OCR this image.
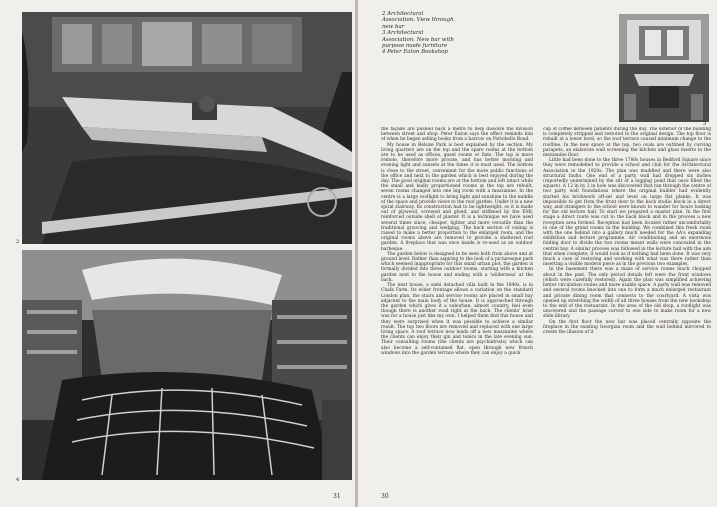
2
4
3
2 Architectural
Association. View through
new bar
3 Architectural
Association. New bar with
purpose made furniture
4 Peter Eaton Bookshop

the façade are pushed back a metre to help dissolve the division between street and shop. Peter Eaton says the effect reminds him of when he began selling books from a barrow on Portobello Road.

My house in Belsize Park is best explained by the section. My living quarters are on the top and the spare rooms at the bottom are to be used as offices, guest rooms or flats. The top is more remote, therefore more private, and has better morning and evening light and sunsets at the times it is most used. The bottom is close to the street, convenient for the more public functions of the office and next to the garden which is best enjoyed during the day. The good original rooms are at the bottom and left intact while the small and badly proportioned rooms at the top are rebuilt, seven rooms changed into one big room with a mezzanine. In the centre is a large rooflight to bring light and sunshine to the middle of the space and provide views to the roof garden. Under it is a new spiral stairway. Its construction had to be lightweight, so it is made out of plywood, screwed and glued, and stiffened by the EML reinforced outside shell of plaster. It is a technique we have used several times since, cheaper, lighter and more versatile than the traditional grooving and wedging. The back section of ceiling is raised to make a better proportion to the enlarged room, and the original rooms above are removed to provide a sheltered roof garden. A fireplace that was once inside is re-used as an outdoor barbeque.

The garden below is designed to be seen both from above and at ground level. Rather than aspiring to the look of a picturesque park which seemed inappropriate for this small urban plot, the garden is formally divided into three outdoor rooms, starting with a kitchen garden next to the house and ending with a 'wilderness' at the back.

The next house, a semi detached villa built in the 1840s, is in Chalk Farm. Its wider frontage allows a variation on the standard London plan, the stairs and service rooms are placed in small bay adjacent to the main body of the house. It is approached through the garden which gives it a suburban, almost country, feel even though there is another road right at the back. The clients' brief was for a house just like my own. I helped them find this house and they were surprised when it was possible to achieve a similar result. The top two floors are removed and replaced with one large living space. A roof terrace now leads off a new mezzanine where the clients can enjoy their gin and tonics in the late evening sun. Their consulting rooms (the clients are psychiatrists) which can also become a self-contained flat, open through new french windows into the garden terrace where they can enjoy a quick

cup of coffee between patients during the day. The exterior of the building is completely stripped and restored to the original design. The top floor is rebuilt at a lower level, so the roof terrace caused minimum change to the roofline. In the new space at the top, two ovals are outlined by curving parapets, an elaborate wall screening the kitchen and glass inserts in the mezzanine floor.

Little had been done to the three 1780s houses in Bedford Square since they were remodelled to provide a school and club for the Architectural Association in the 1920s. The plan was muddled and there were also structural faults. One end of a party wall had dropped six inches (reportedly undermined by the silt of a logging pond that once filled the square). A 12 in by 2 in hole was discovered that ran through the centre of two party wall foundations where the original builder had evidently started his brickwork off-set and level on large flat planks. It was impossible to get from the front door to the back studio block in a direct way, and strangers to the school were known to wander for hours looking for the old lecture hall. To start we prepared a master plan. In the first stage a direct route was cut to the back block and in the process a new reception area formed. Reception had been located rather uncomfortably in one of the grand rooms in the building. We combined this fresh room with the one behind into a gallery much needed for the AA's expanding exhibition and lecture programme. Air conditioning and an enormous folding door to divide the two rooms meant walls were concealed in the central bay. A similar process was followed in the lecture hall with the aim that when complete, it would look as if nothing had been done. It was very much a case of restoring and working with what was there rather than inserting a visible modern piece as in the previous two examples.

In the basement there was a maze of service rooms much chopped about in the past. The only period details left were the front windows (which were carefully restored). Again the plan was simplified achieving better circulation routes and more usable space. A party wall was removed and several rooms knocked into one to form a much enlarged restaurant and private dining room that connects to the courtyard. A vista was opened up stretching the width of all three houses from the new bookshop to the end of the restaurant. In the area of the old shop, a rooflight was uncovered and the passage curved to one side to make room for a new slide library.

On the first floor the new bar was placed centrally opposite the fireplace in the existing Georgian room and the wall behind mirrored to create the illusion of it

31	30
